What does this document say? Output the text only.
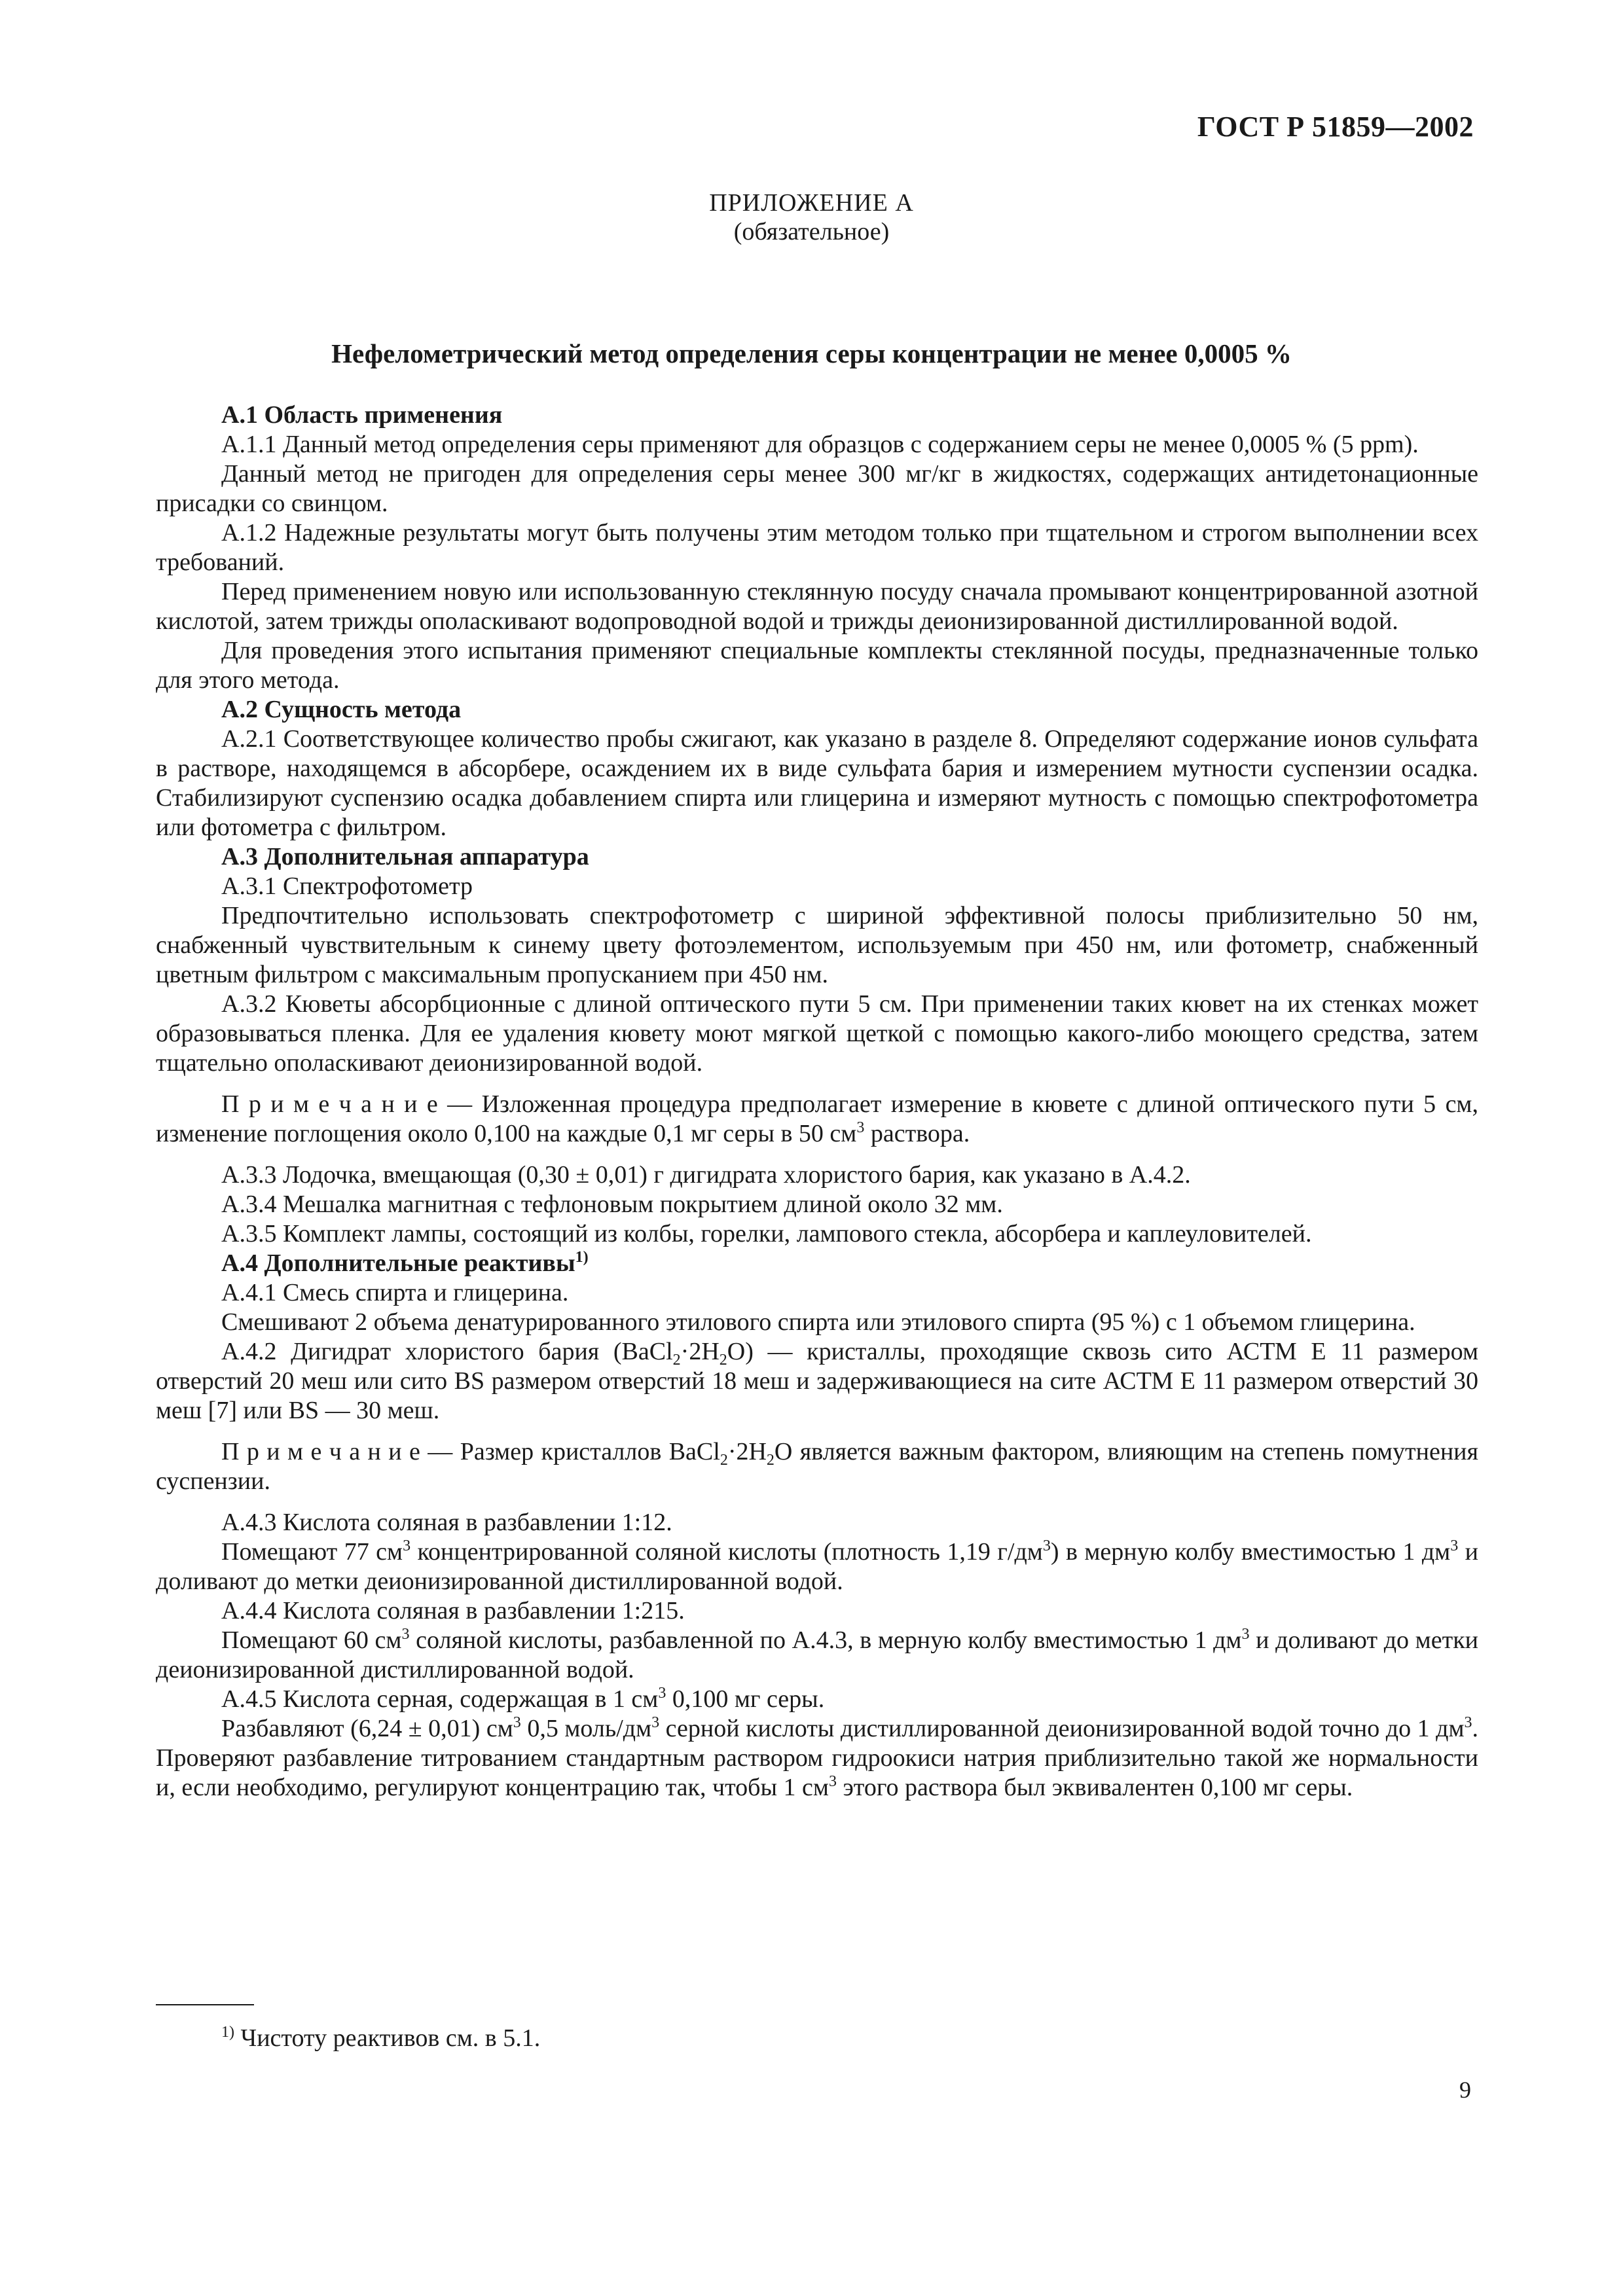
ГОСТ Р 51859—2002
ПРИЛОЖЕНИЕ А
(обязательное)
Нефелометрический метод определения серы концентрации не менее 0,0005 %

А.1 Область применения

А.1.1 Данный метод определения серы применяют для образцов с содержанием серы не менее 0,0005 % (5 ppm).

Данный метод не пригоден для определения серы менее 300 мг/кг в жидкостях, содержащих антидетонационные присадки со свинцом.

А.1.2 Надежные результаты могут быть получены этим методом только при тщательном и строгом выполнении всех требований.

Перед применением новую или использованную стеклянную посуду сначала промывают концентрированной азотной кислотой, затем трижды ополаскивают водопроводной водой и трижды деионизированной дистиллированной водой.

Для проведения этого испытания применяют специальные комплекты стеклянной посуды, предназначенные только для этого метода.

А.2 Сущность метода

А.2.1 Соответствующее количество пробы сжигают, как указано в разделе 8. Определяют содержание ионов сульфата в растворе, находящемся в абсорбере, осаждением их в виде сульфата бария и измерением мутности суспензии осадка. Стабилизируют суспензию осадка добавлением спирта или глицерина и измеряют мутность с помощью спектрофотометра или фотометра с фильтром.

А.3 Дополнительная аппаратура

А.3.1 Спектрофотометр

Предпочтительно использовать спектрофотометр с шириной эффективной полосы приблизительно 50 нм, снабженный чувствительным к синему цвету фотоэлементом, используемым при 450 нм, или фотометр, снабженный цветным фильтром с максимальным пропусканием при 450 нм.

А.3.2 Кюветы абсорбционные с длиной оптического пути 5 см. При применении таких кювет на их стенках может образовываться пленка. Для ее удаления кювету моют мягкой щеткой с помощью какого-либо моющего средства, затем тщательно ополаскивают деионизированной водой.

П р и м е ч а н и е — Изложенная процедура предполагает измерение в кювете с длиной оптического пути 5 см, изменение поглощения около 0,100 на каждые 0,1 мг серы в 50 $см^3$ раствора.

А.3.3 Лодочка, вмещающая (0,30 ± 0,01) г дигидрата хлористого бария, как указано в А.4.2.

А.3.4 Мешалка магнитная с тефлоновым покрытием длиной около 32 мм.

А.3.5 Комплект лампы, состоящий из колбы, горелки, лампового стекла, абсорбера и каплеуловителей.

А.4 Дополнительные реактивы$^{1)}$

А.4.1 Смесь спирта и глицерина.

Смешивают 2 объема денатурированного этилового спирта или этилового спирта (95 %) с 1 объемом глицерина.

А.4.2 Дигидрат хлористого бария $(BaCl_2\cdot 2H_2O)$ — кристаллы, проходящие сквозь сито АСТМ Е 11 размером отверстий 20 меш или сито BS размером отверстий 18 меш и задерживающиеся на сите АСТМ Е 11 размером отверстий 30 меш [7] или BS — 30 меш.

П р и м е ч а н и е — Размер кристаллов $BaCl_2\cdot 2H_2O$ является важным фактором, влияющим на степень помутнения суспензии.

А.4.3 Кислота соляная в разбавлении 1:12.

Помещают 77 $см^3$ концентрированной соляной кислоты (плотность 1,19 $г/дм^3$) в мерную колбу вместимостью 1 $дм^3$ и доливают до метки деионизированной дистиллированной водой.

А.4.4 Кислота соляная в разбавлении 1:215.

Помещают 60 $см^3$ соляной кислоты, разбавленной по А.4.3, в мерную колбу вместимостью 1 $дм^3$ и доливают до метки деионизированной дистиллированной водой.

А.4.5 Кислота серная, содержащая в 1 $см^3$ 0,100 мг серы.

Разбавляют (6,24 ± 0,01) $см^3$ 0,5 моль/$дм^3$ серной кислоты дистиллированной деионизированной водой точно до 1 $дм^3$. Проверяют разбавление титрованием стандартным раствором гидроокиси натрия приблизительно такой же нормальности и, если необходимо, регулируют концентрацию так, чтобы 1 $см^3$ этого раствора был эквивалентен 0,100 мг серы.

$^{1)}$ Чистоту реактивов см. в 5.1.
9
